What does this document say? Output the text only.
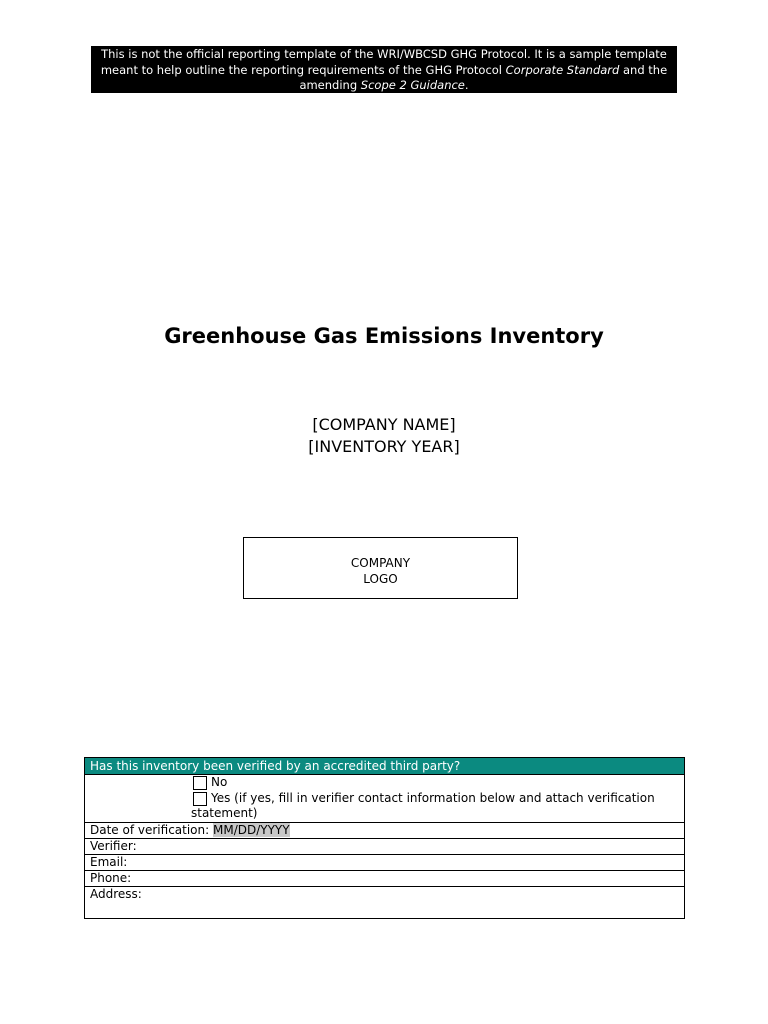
This is not the official reporting template of the WRI/WBCSD GHG Protocol. It is a sample template
meant to help outline the reporting requirements of the GHG Protocol Corporate Standard and the
amending Scope 2 Guidance.
Greenhouse Gas Emissions Inventory
[COMPANY NAME]
[INVENTORY YEAR]
COMPANY
LOGO
Has this inventory been verified by an accredited third party?
No
Yes (if yes, fill in verifier contact information below and attach verification
statement)
Date of verification: MM/DD/YYYY
Verifier:
Email:
Phone:
Address:
